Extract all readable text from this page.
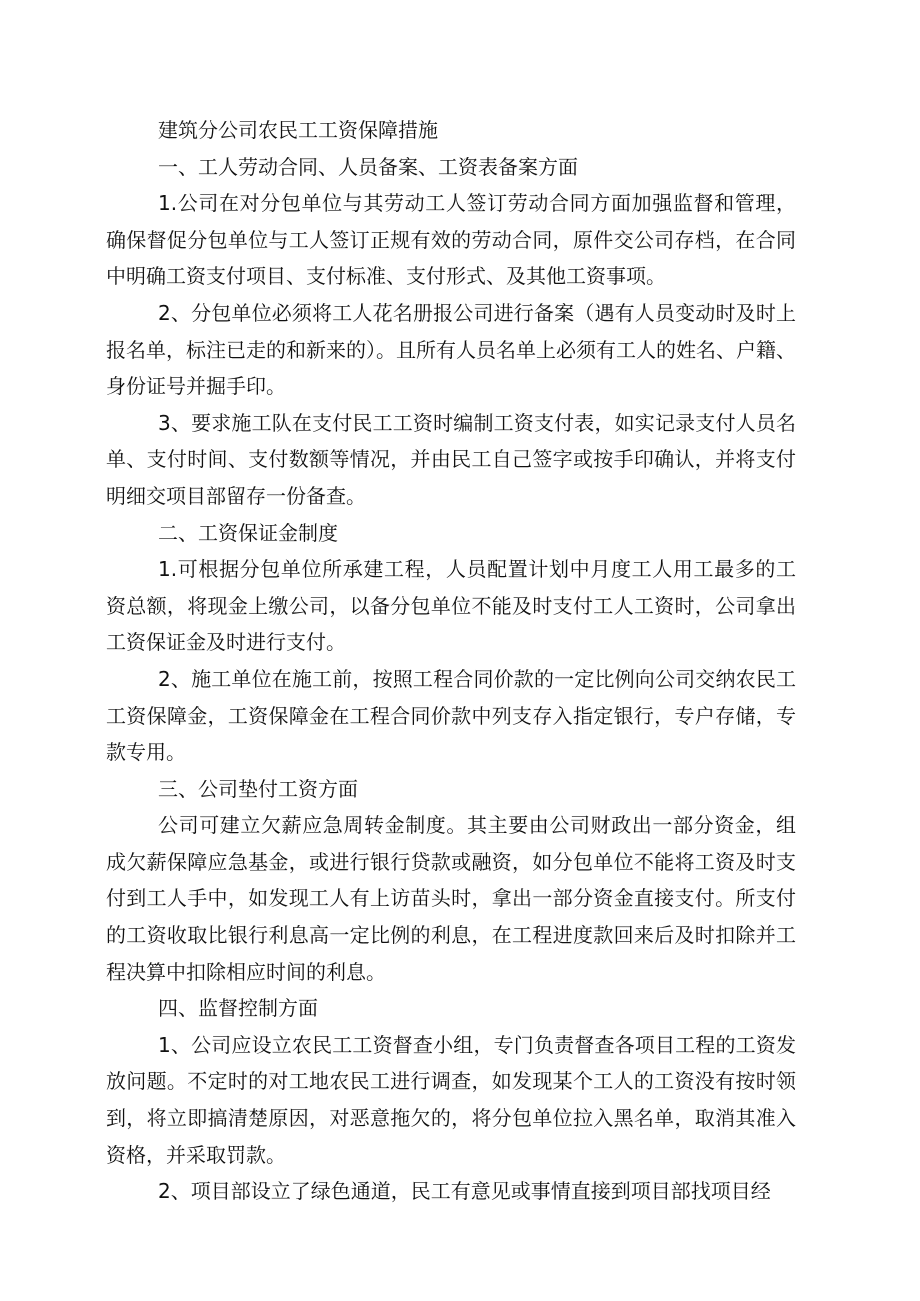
建筑分公司农民工工资保障措施

一、工人劳动合同、人员备案、工资表备案方面

1.公司在对分包单位与其劳动工人签订劳动合同方面加强监督和管理，确保督促分包单位与工人签订正规有效的劳动合同，原件交公司存档，在合同中明确工资支付项目、支付标准、支付形式、及其他工资事项。

2、分包单位必须将工人花名册报公司进行备案（遇有人员变动时及时上报名单，标注已走的和新来的）。且所有人员名单上必须有工人的姓名、户籍、身份证号并掘手印。

3、要求施工队在支付民工工资时编制工资支付表，如实记录支付人员名单、支付时间、支付数额等情况，并由民工自己签字或按手印确认，并将支付明细交项目部留存一份备查。

二、工资保证金制度

1.可根据分包单位所承建工程，人员配置计划中月度工人用工最多的工资总额，将现金上缴公司，以备分包单位不能及时支付工人工资时，公司拿出工资保证金及时进行支付。

2、施工单位在施工前，按照工程合同价款的一定比例向公司交纳农民工工资保障金，工资保障金在工程合同价款中列支存入指定银行，专户存储，专款专用。

三、公司垫付工资方面

公司可建立欠薪应急周转金制度。其主要由公司财政出一部分资金，组成欠薪保障应急基金，或进行银行贷款或融资，如分包单位不能将工资及时支付到工人手中，如发现工人有上访苗头时，拿出一部分资金直接支付。所支付的工资收取比银行利息高一定比例的利息，在工程进度款回来后及时扣除并工程决算中扣除相应时间的利息。

四、监督控制方面

1、公司应设立农民工工资督查小组，专门负责督查各项目工程的工资发放问题。不定时的对工地农民工进行调查，如发现某个工人的工资没有按时领到，将立即搞清楚原因，对恶意拖欠的，将分包单位拉入黑名单，取消其准入资格，并采取罚款。

2、项目部设立了绿色通道，民工有意见或事情直接到项目部找项目经
